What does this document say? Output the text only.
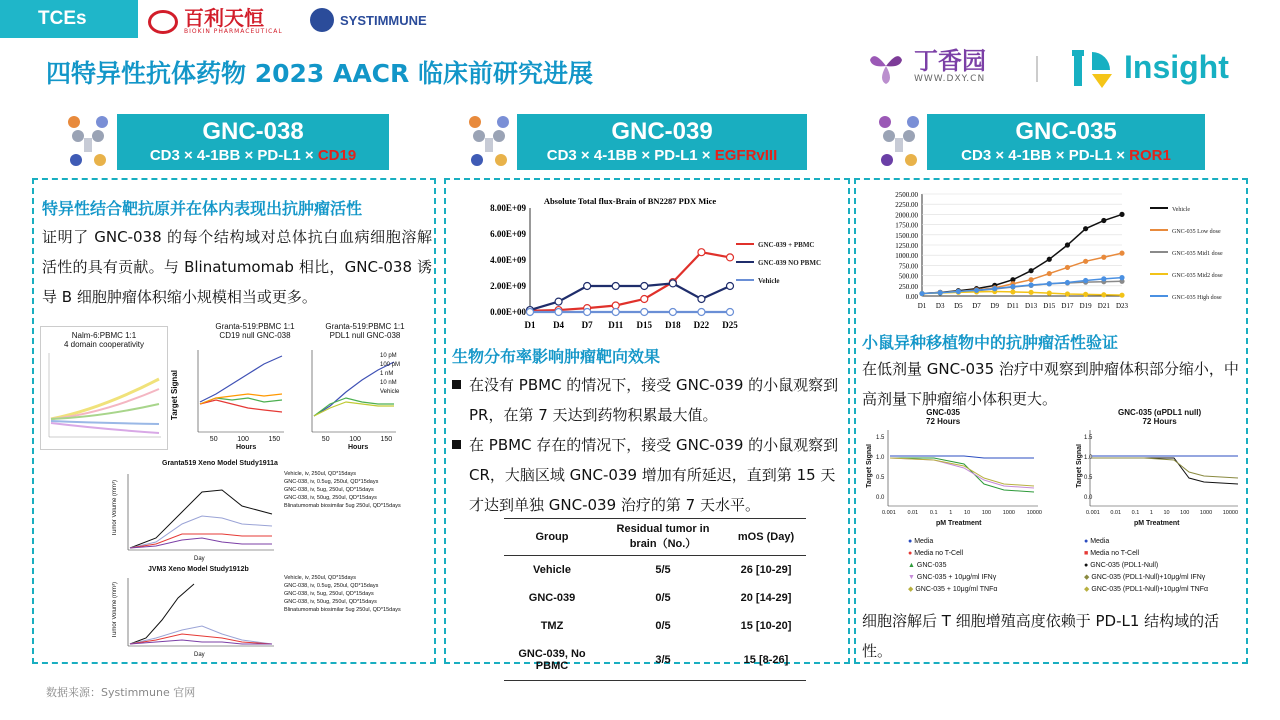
TCEs	百利天恒
BIOKIN PHARMACEUTICAL
SYSTIMMUNE
四特异性抗体药物 2023 AACR 临床前研究进展	丁香园
WWW.DXY.CN	Insight
GNC-038
CD3 × 4-1BB × PD-L1 × CD19
GNC-039
CD3 × 4-1BB × PD-L1 × EGFRvIII
GNC-035
CD3 × 4-1BB × PD-L1 × ROR1
特异性结合靶抗原并在体内表现出抗肿瘤活性
证明了 GNC-038 的每个结构域对总体抗白血病细胞溶解活性的具有贡献。与 Blinatumomab 相比，GNC-038 诱导 B 细胞肿瘤体积缩小规模相当或更多。
Nalm-6:PBMC 1:1
4 domain cooperativity
Granta-519:PBMC 1:1
CD19 null GNC-038
Granta-519:PBMC 1:1
PDL1 null GNC-038
Target Signal
10 pM
100 pM
1 nM
10 nM
Vehicle
50	100	150
Hours
50	100	150
Hours
Granta519 Xeno Model Study1911a
Tumor Volume (mm³)
Day
Vehicle, iv, 250ul, QD*15days
GNC-038, iv, 0.5ug, 250ul, QD*15days
GNC-038, iv, 5ug, 250ul, QD*15days
GNC-038, iv, 50ug, 250ul, QD*15days
Blinatumomab biosimilar 5ug 250ul, QD*15days
JVM3 Xeno Model Study1912b
Tumor Volume (mm³)
Day
Vehicle, iv, 250ul, QD*15days
GNC-038, iv, 0.5ug, 250ul, QD*15days
GNC-038, iv, 5ug, 250ul, QD*15days
GNC-038, iv, 50ug, 250ul, QD*15days
Blinatumomab biosimilar 5ug 250ul, QD*15days
Absolute Total flux-Brain of BN2287 PDX Mice
0.00E+00
2.00E+09
4.00E+09
6.00E+09
8.00E+09
D1 D4 D7 D11 D15 D18 D22 D25
GNC-039 + PBMC
GNC-039 NO PBMC
Vehicle
生物分布率影响肿瘤靶向效果
在没有 PBMC 的情况下，接受 GNC-039 的小鼠观察到 PR，在第 7 天达到药物积累最大值。
在 PBMC 存在的情况下，接受 GNC-039 的小鼠观察到 CR，大脑区域 GNC-039 增加有所延迟，直到第 15 天才达到单独 GNC-039 治疗的第 7 天水平。
Group	Residual tumor in brain（No.）	mOS (Day)
Vehicle	5/5	26 [10-29]
GNC-039	0/5	20 [14-29]
TMZ	0/5	15 [10-20]
GNC-039, No PBMC	3/5	15 [8-26]
0.00
250.00
500.00
750.00
1000.00
1250.00
1500.00
1750.00
2000.00
2250.00
2500.00
D1 D3 D5 D7 D9 D11 D13 D15 D17 D19 D21 D23
Vehicle
GNC-035 Low dose
GNC-035 Mid1 dose
GNC-035 Mid2 dose
GNC-035 High dose
小鼠异种移植物中的抗肿瘤活性验证
在低剂量 GNC-035 治疗中观察到肿瘤体积部分缩小，中高剂量下肿瘤缩小体积更大。
GNC-035
72 Hours
GNC-035 (αPDL1 null)
72 Hours
Target Signal	Target Signal
1.5
1.0
0.5
0.0
1.5
1.0
0.5
0.0
0.001 0.01 0.1 1 10 100 1000 10000	0.001 0.01 0.1 1 10 100 1000 10000
pM Treatment	pM Treatment
● Media
● Media no T-Cell
▲ GNC-035
▼ GNC-035 + 10μg/ml IFNγ
◆ GNC-035 + 10μg/ml TNFα
● Media
■ Media no T-Cell
● GNC-035 (PDL1-Null)
◆ GNC-035 (PDL1-Null)+10μg/ml IFNγ
◆ GNC-035 (PDL1-Null)+10μg/ml TNFα
细胞溶解后 T 细胞增殖高度依赖于 PD-L1 结构域的活性。
数据来源：Systimmune 官网
